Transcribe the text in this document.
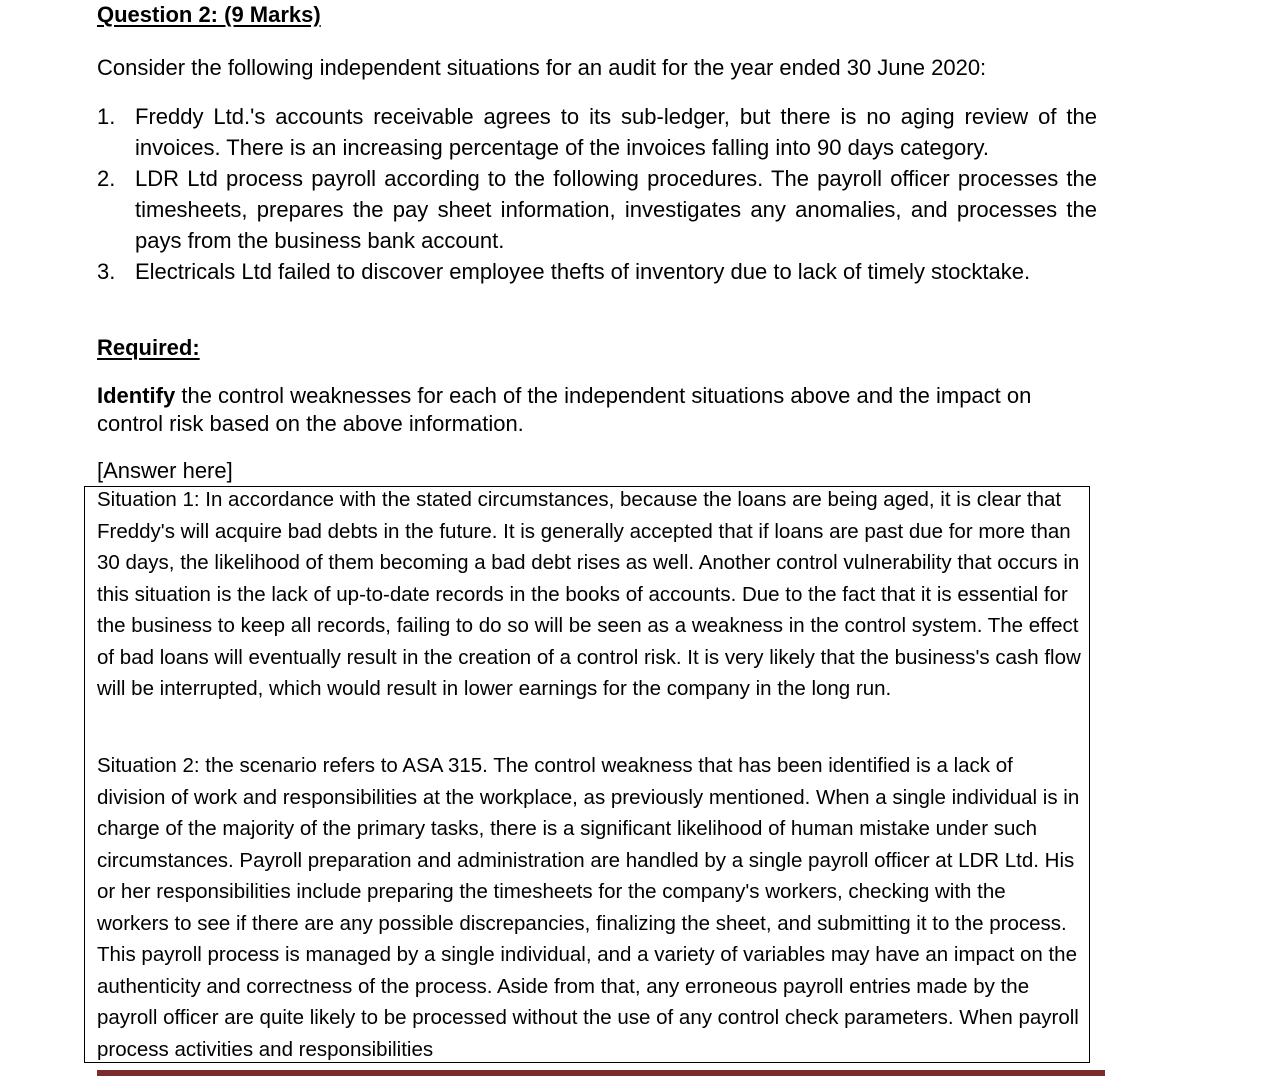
Question 2: (9 Marks)

Consider the following independent situations for an audit for the year ended 30 June 2020:

1. Freddy Ltd.'s accounts receivable agrees to its sub-ledger, but there is no aging review of the invoices. There is an increasing percentage of the invoices falling into 90 days category.
2. LDR Ltd process payroll according to the following procedures. The payroll officer processes the timesheets, prepares the pay sheet information, investigates any anomalies, and processes the pays from the business bank account.
3. Electricals Ltd failed to discover employee thefts of inventory due to lack of timely stocktake.
Required:

Identify the control weaknesses for each of the independent situations above and the impact on control risk based on the above information.

[Answer here]

Situation 1: In accordance with the stated circumstances, because the loans are being aged, it is clear that Freddy's will acquire bad debts in the future. It is generally accepted that if loans are past due for more than 30 days, the likelihood of them becoming a bad debt rises as well. Another control vulnerability that occurs in this situation is the lack of up-to-date records in the books of accounts. Due to the fact that it is essential for the business to keep all records, failing to do so will be seen as a weakness in the control system. The effect of bad loans will eventually result in the creation of a control risk. It is very likely that the business's cash flow will be interrupted, which would result in lower earnings for the company in the long run.

Situation 2: the scenario refers to ASA 315. The control weakness that has been identified is a lack of division of work and responsibilities at the workplace, as previously mentioned. When a single individual is in charge of the majority of the primary tasks, there is a significant likelihood of human mistake under such circumstances. Payroll preparation and administration are handled by a single payroll officer at LDR Ltd. His or her responsibilities include preparing the timesheets for the company's workers, checking with the workers to see if there are any possible discrepancies, finalizing the sheet, and submitting it to the process. This payroll process is managed by a single individual, and a variety of variables may have an impact on the authenticity and correctness of the process. Aside from that, any erroneous payroll entries made by the payroll officer are quite likely to be processed without the use of any control check parameters. When payroll process activities and responsibilities
